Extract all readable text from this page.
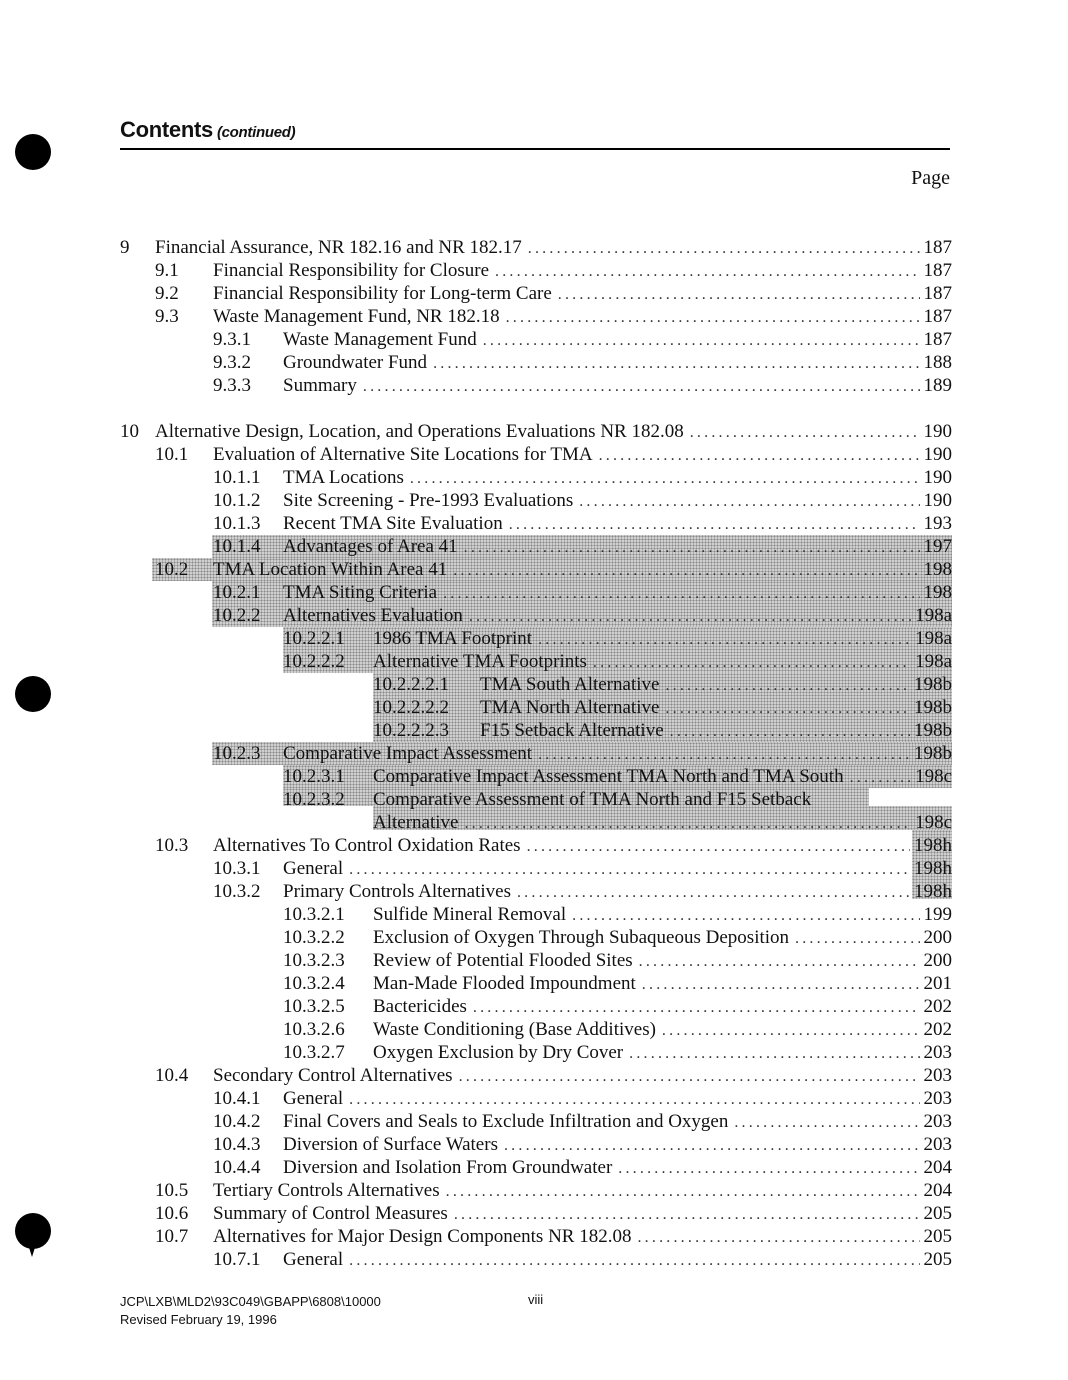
Contents (continued)
Page
9 Financial Assurance, NR 182.16 and NR 182.17 .....	187
9.1 Financial Responsibility for Closure .....	187
9.2 Financial Responsibility for Long-term Care .....	187
9.3 Waste Management Fund, NR 182.18 .....	187
9.3.1 Waste Management Fund .....	187
9.3.2 Groundwater Fund .....	188
9.3.3 Summary .....	189
10 Alternative Design, Location, and Operations Evaluations NR 182.08 .....	190
10.1 Evaluation of Alternative Site Locations for TMA .....	190
10.1.1 TMA Locations .....	190
10.1.2 Site Screening - Pre-1993 Evaluations .....	190
10.1.3 Recent TMA Site Evaluation .....	193
10.1.4 Advantages of Area 41 .....	197
10.2 TMA Location Within Area 41 .....	198
10.2.1 TMA Siting Criteria .....	198
10.2.2 Alternatives Evaluation .....	198a
10.2.2.1 1986 TMA Footprint .....	198a
10.2.2.2 Alternative TMA Footprints .....	198a
10.2.2.2.1 TMA South Alternative .....	198b
10.2.2.2.2 TMA North Alternative .....	198b
10.2.2.2.3 F15 Setback Alternative .....	198b
10.2.3 Comparative Impact Assessment .....	198b
10.2.3.1 Comparative Impact Assessment TMA North and TMA South .....	198c
10.2.3.2 Comparative Assessment of TMA North and F15 Setback
Alternative .....	198c
10.3 Alternatives To Control Oxidation Rates .....	198h
10.3.1 General .....	198h
10.3.2 Primary Controls Alternatives .....	198h
10.3.2.1 Sulfide Mineral Removal .....	199
10.3.2.2 Exclusion of Oxygen Through Subaqueous Deposition .....	200
10.3.2.3 Review of Potential Flooded Sites .....	200
10.3.2.4 Man-Made Flooded Impoundment .....	201
10.3.2.5 Bactericides .....	202
10.3.2.6 Waste Conditioning (Base Additives) .....	202
10.3.2.7 Oxygen Exclusion by Dry Cover .....	203
10.4 Secondary Control Alternatives .....	203
10.4.1 General .....	203
10.4.2 Final Covers and Seals to Exclude Infiltration and Oxygen .....	203
10.4.3 Diversion of Surface Waters .....	203
10.4.4 Diversion and Isolation From Groundwater .....	204
10.5 Tertiary Controls Alternatives .....	204
10.6 Summary of Control Measures .....	205
10.7 Alternatives for Major Design Components NR 182.08 .....	205
10.7.1 General .....	205
JCP\LXB\MLD2\93C049\GBAPP\6808\10000
Revised February 19, 1996
viii
